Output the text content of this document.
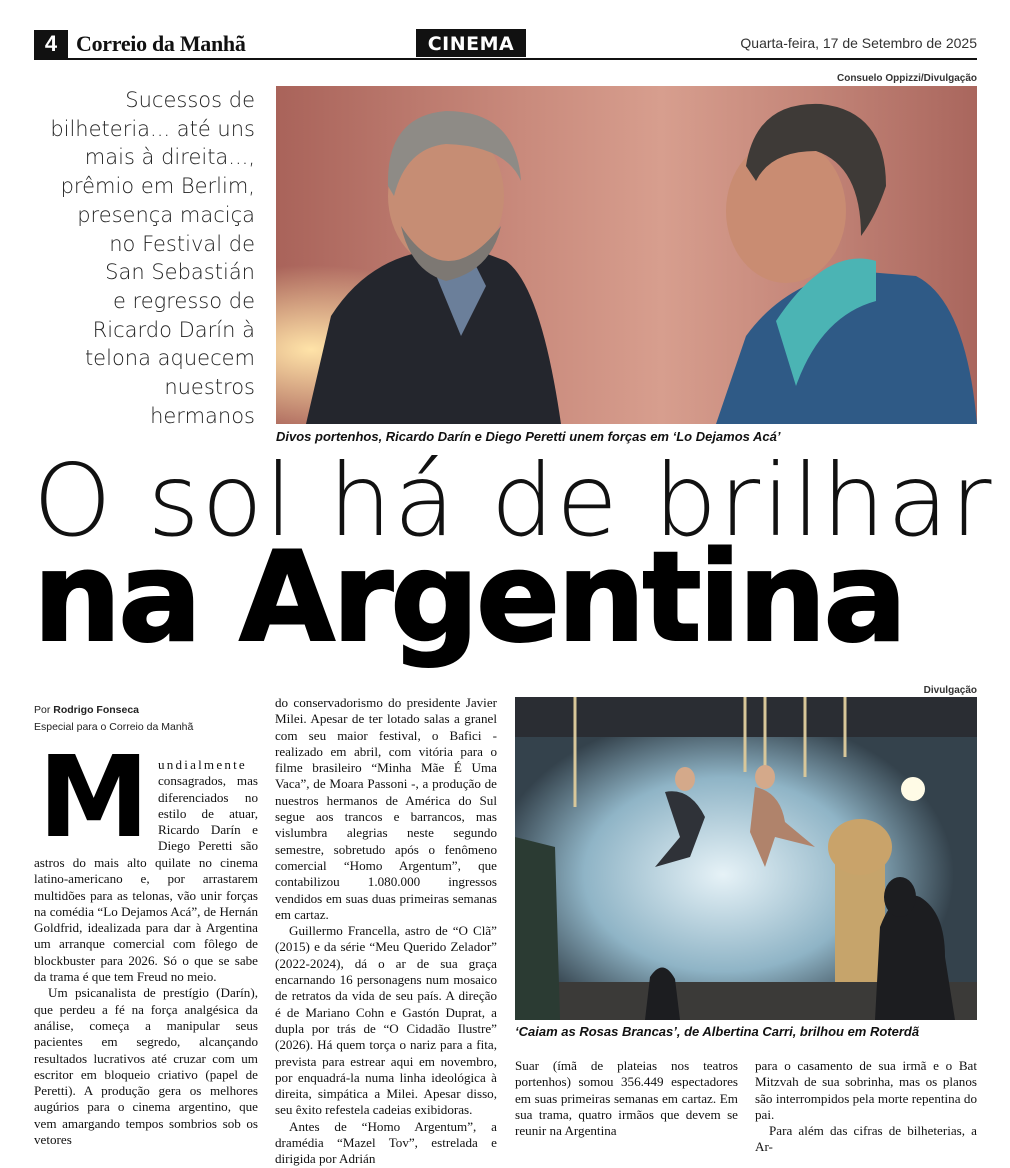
4 Correio da Manhã	CINEMA	Quarta-feira, 17 de Setembro de 2025
Consuelo Oppizzi/Divulgação
Sucessos de
bilheteria... até uns
mais à direita...,
prêmio em Berlim,
presença maciça
no Festival de
San Sebastián
e regresso de
Ricardo Darín à
telona aquecem
nuestros
hermanos
Divos portenhos, Ricardo Darín e Diego Peretti unem forças em ‘Lo Dejamos Acá’
O sol há de brilhar
na Argentina
Por Rodrigo Fonseca
Especial para o Correio da Manhã
M undialmente
consagrados, mas
diferenciados no
estilo de atuar,
Ricardo Darín e
Diego Peretti são

astros do mais alto quilate no cinema latino-americano e, por arrastarem multidões para as telonas, vão unir forças na comédia “Lo Dejamos Acá”, de Hernán Goldfrid, idealizada para dar à Argentina um arranque comercial com fôlego de blockbuster para 2026. Só o que se sabe da trama é que tem Freud no meio.

Um psicanalista de prestígio (Darín), que perdeu a fé na força analgésica da análise, começa a manipular seus pacientes em segredo, alcançando resultados lucrativos até cruzar com um escritor em bloqueio criativo (papel de Peretti). A produção gera os melhores augúrios para o cinema argentino, que vem amargando tempos sombrios sob os vetores

do conservadorismo do presidente Javier Milei. Apesar de ter lotado salas a granel com seu maior festival, o Bafici - realizado em abril, com vitória para o filme brasileiro “Minha Mãe É Uma Vaca”, de Moara Passoni -, a produção de nuestros hermanos de América do Sul segue aos trancos e barrancos, mas vislumbra alegrias neste segundo semestre, sobretudo após o fenômeno comercial “Homo Argentum”, que contabilizou 1.080.000 ingressos vendidos em suas duas primeiras semanas em cartaz.

Guillermo Francella, astro de “O Clã” (2015) e da série “Meu Querido Zelador” (2022-2024), dá o ar de sua graça encarnando 16 personagens num mosaico de retratos da vida de seu país. A direção é de Mariano Cohn e Gastón Duprat, a dupla por trás de “O Cidadão Ilustre” (2026). Há quem torça o nariz para a fita, prevista para estrear aqui em novembro, por enquadrá-la numa linha ideológica à direita, simpática a Milei. Apesar disso, seu êxito refestela cadeias exibidoras.

Antes de “Homo Argentum”, a dramédia “Mazel Tov”, estrelada e dirigida por Adrián

Divulgação
‘Caiam as Rosas Brancas’, de Albertina Carri, brilhou em Roterdã

Suar (ímã de plateias nos teatros portenhos) somou 356.449 espectadores em suas primeiras semanas em cartaz. Em sua trama, quatro irmãos que devem se reunir na Argentina

para o casamento de sua irmã e o Bat Mitzvah de sua sobrinha, mas os planos são interrompidos pela morte repentina do pai.

Para além das cifras de bilheterias, a Ar-
